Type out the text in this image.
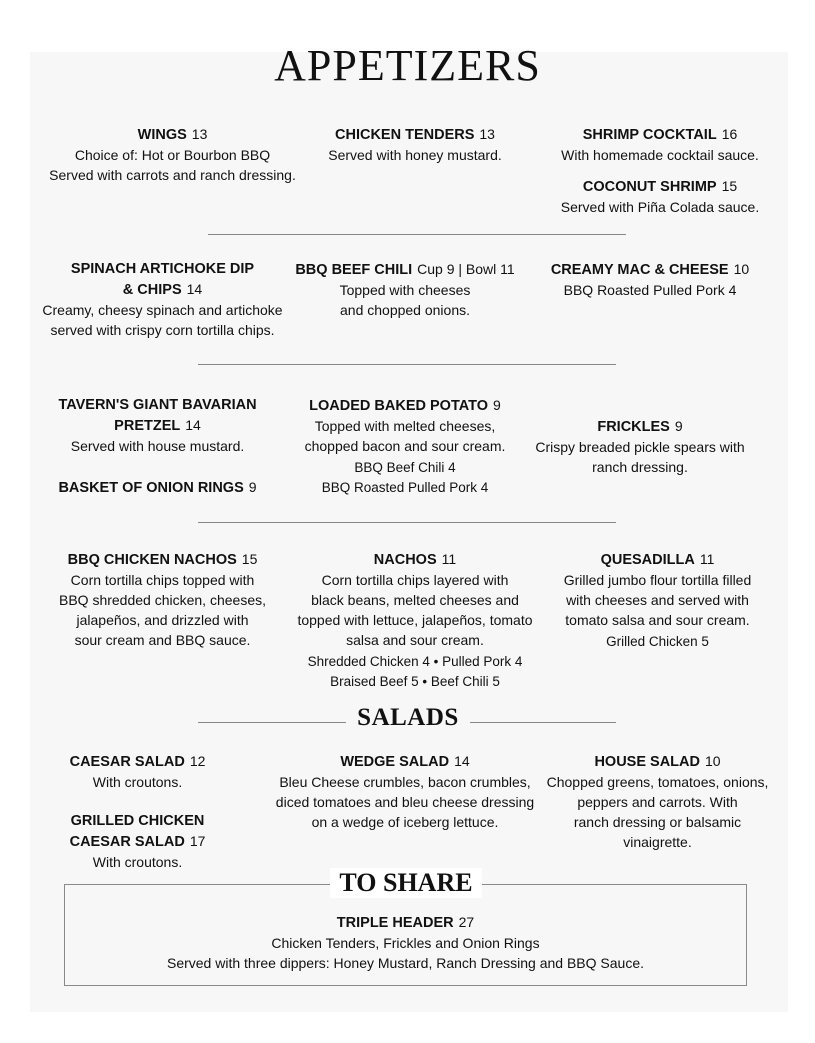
APPETIZERS
WINGS 13
Choice of: Hot or Bourbon BBQ
Served with carrots and ranch dressing.
CHICKEN TENDERS 13
Served with honey mustard.
SHRIMP COCKTAIL 16
With homemade cocktail sauce.
COCONUT SHRIMP 15
Served with Piña Colada sauce.
SPINACH ARTICHOKE DIP
& CHIPS 14
Creamy, cheesy spinach and artichoke
served with crispy corn tortilla chips.
BBQ BEEF CHILI Cup 9 | Bowl 11
Topped with cheeses
and chopped onions.
CREAMY MAC & CHEESE 10
BBQ Roasted Pulled Pork 4
TAVERN'S GIANT BAVARIAN
PRETZEL 14
Served with house mustard.
BASKET OF ONION RINGS 9
LOADED BAKED POTATO 9
Topped with melted cheeses,
chopped bacon and sour cream.
BBQ Beef Chili 4
BBQ Roasted Pulled Pork 4
FRICKLES 9
Crispy breaded pickle spears with
ranch dressing.
BBQ CHICKEN NACHOS 15
Corn tortilla chips topped with
BBQ shredded chicken, cheeses,
jalapeños, and drizzled with
sour cream and BBQ sauce.
NACHOS 11
Corn tortilla chips layered with
black beans, melted cheeses and
topped with lettuce, jalapeños, tomato
salsa and sour cream.
Shredded Chicken 4 • Pulled Pork 4
Braised Beef 5 • Beef Chili 5
QUESADILLA 11
Grilled jumbo flour tortilla filled
with cheeses and served with
tomato salsa and sour cream.
Grilled Chicken 5
SALADS
CAESAR SALAD 12
With croutons.
GRILLED CHICKEN
CAESAR SALAD 17
With croutons.
WEDGE SALAD 14
Bleu Cheese crumbles, bacon crumbles,
diced tomatoes and bleu cheese dressing
on a wedge of iceberg lettuce.
HOUSE SALAD 10
Chopped greens, tomatoes, onions,
peppers and carrots. With
ranch dressing or balsamic
vinaigrette.
TO SHARE
TRIPLE HEADER 27
Chicken Tenders, Frickles and Onion Rings
Served with three dippers: Honey Mustard, Ranch Dressing and BBQ Sauce.
